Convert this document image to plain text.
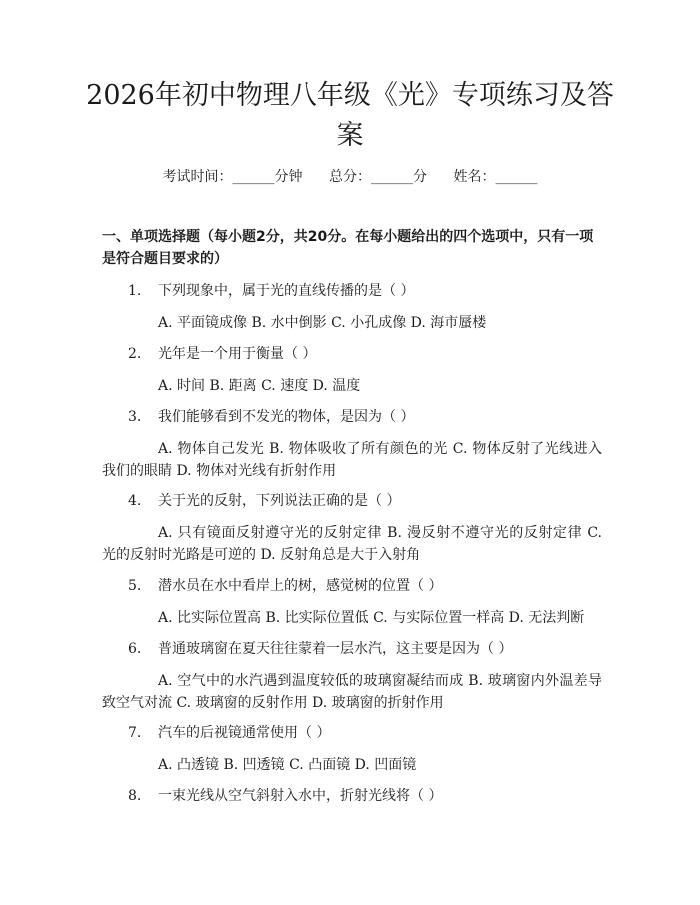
2026年初中物理八年级《光》专项练习及答案
考试时间：______分钟 总分：______分 姓名：______
一、单项选择题（每小题2分，共20分。在每小题给出的四个选项中，只有一项是符合题目要求的）
1.	下列现象中，属于光的直线传播的是（ ）
A. 平面镜成像 B. 水中倒影 C. 小孔成像 D. 海市蜃楼
2.	光年是一个用于衡量（ ）
A. 时间 B. 距离 C. 速度 D. 温度
3.	我们能够看到不发光的物体，是因为（ ）
A. 物体自己发光 B. 物体吸收了所有颜色的光 C. 物体反射了光线进入我们的眼睛 D. 物体对光线有折射作用
4.	关于光的反射，下列说法正确的是（ ）
A. 只有镜面反射遵守光的反射定律 B. 漫反射不遵守光的反射定律 C. 光的反射时光路是可逆的 D. 反射角总是大于入射角
5.	潜水员在水中看岸上的树，感觉树的位置（ ）
A. 比实际位置高 B. 比实际位置低 C. 与实际位置一样高 D. 无法判断
6.	普通玻璃窗在夏天往往蒙着一层水汽，这主要是因为（ ）
A. 空气中的水汽遇到温度较低的玻璃窗凝结而成 B. 玻璃窗内外温差导致空气对流 C. 玻璃窗的反射作用 D. 玻璃窗的折射作用
7.	汽车的后视镜通常使用（ ）
A. 凸透镜 B. 凹透镜 C. 凸面镜 D. 凹面镜
8.	一束光线从空气斜射入水中，折射光线将（ ）
